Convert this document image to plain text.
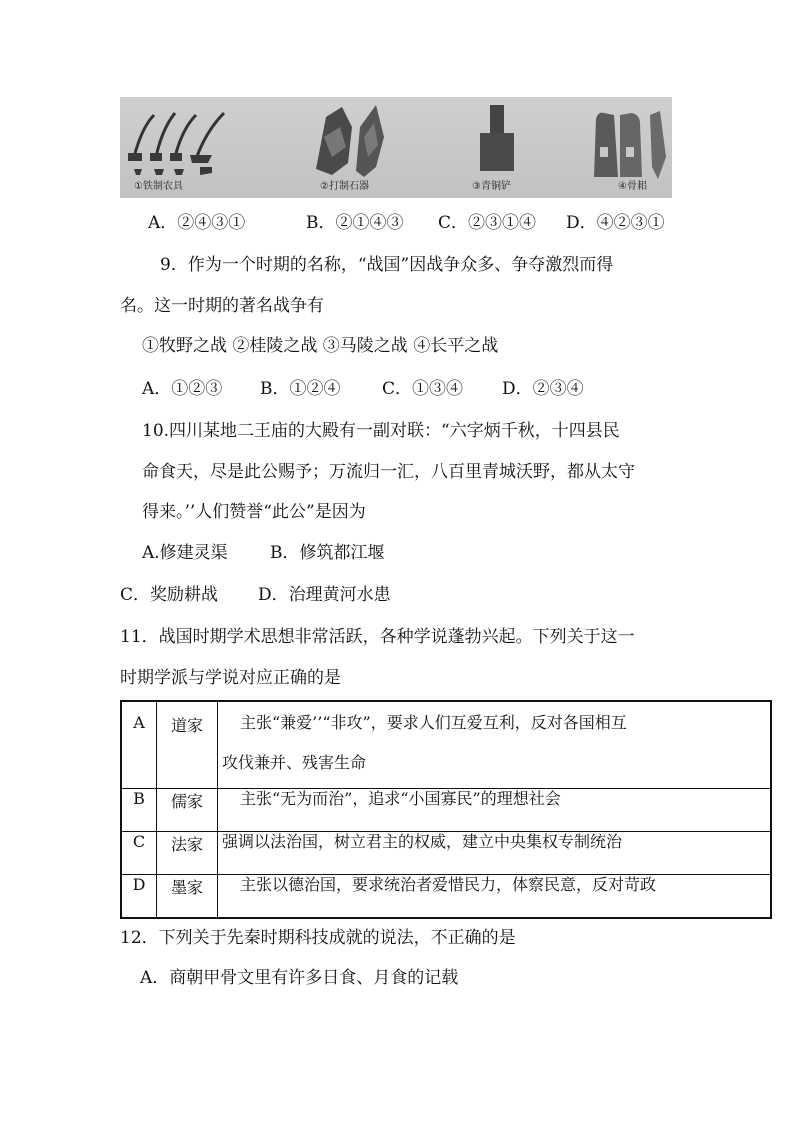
①铁制农具	②打制石器	③青铜铲	④骨耜
A．②④③①	B．②①④③ C．②③①④ D．④②③①
9．作为一个时期的名称，“战国”因战争众多、争夺激烈而得
名。这一时期的著名战争有
①牧野之战 ②桂陵之战 ③马陵之战 ④长平之战
A．①②③ B．①②④ C．①③④ D．②③④
10.四川某地二王庙的大殿有一副对联：“六字炳千秋，十四县民
命食天，尽是此公赐予；万流归一汇，八百里青城沃野，都从太守
得来。’’人们赞誉“此公”是因为
A.修建灵渠 B．修筑都江堰
C．奖励耕战 D．治理黄河水患
11．战国时期学术思想非常活跃，各种学说蓬勃兴起。下列关于这一
时期学派与学说对应正确的是
A	道家	主张“兼爱’’“非攻”，要求人们互爱互利，反对各国相互
攻伐兼并、残害生命

B	儒家	主张“无为而治”，追求“小国寡民”的理想社会
C	法家	强调以法治国，树立君主的权威，建立中央集权专制统治
D	墨家	主张以德治国，要求统治者爱惜民力，体察民意，反对苛政
12．下列关于先秦时期科技成就的说法，不正确的是
A．商朝甲骨文里有许多日食、月食的记载
